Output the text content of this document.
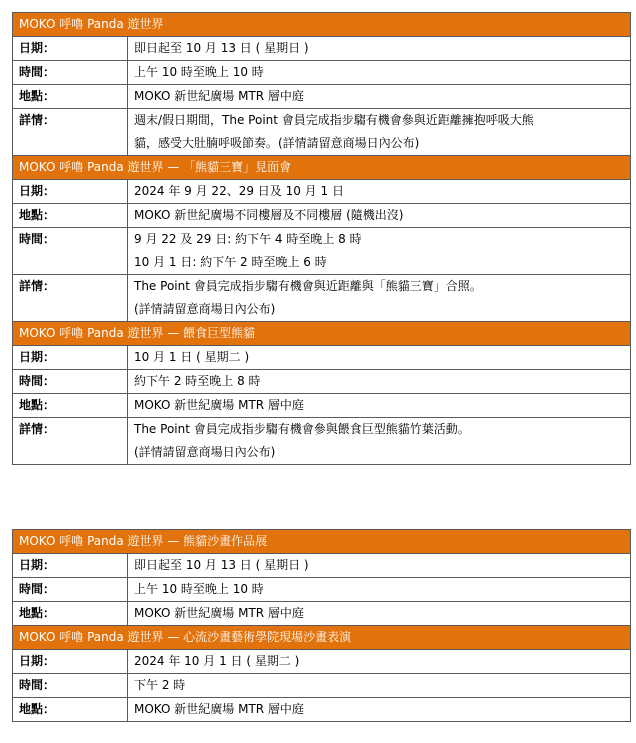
MOKO 呼嚕 Panda 遊世界	
日期：	即日起至 10 月 13 日 ( 星期日 )

時間：	上午 10 時至晚上 10 時

地點：	MOKO 新世紀廣場 MTR 層中庭

詳情：	週末/假日期間，The Point 會員完成指步騶有機會參與近距離擁抱呼吸大熊
貓，感受大肚腩呼吸節奏。(詳情請留意商場日內公布)

MOKO 呼嚕 Panda 遊世界 — 「熊貓三寶」見面會	
日期：	2024 年 9 月 22、29 日及 10 月 1 日

地點：	MOKO 新世紀廣場不同樓層及不同樓層 (隨機出沒)

時間：	9 月 22 及 29 日: 約下午 4 時至晚上 8 時
10 月 1 日: 約下午 2 時至晚上 6 時

詳情：	The Point 會員完成指步騶有機會與近距離與「熊貓三寶」合照。
(詳情請留意商場日內公布)

MOKO 呼嚕 Panda 遊世界 — 餵食巨型熊貓	
日期：	10 月 1 日 ( 星期二 )

時間：	約下午 2 時至晚上 8 時

地點：	MOKO 新世紀廣場 MTR 層中庭

詳情：	The Point 會員完成指步騶有機會參與餵食巨型熊貓竹葉活動。
(詳情請留意商場日內公布)
MOKO 呼嚕 Panda 遊世界 — 熊貓沙畫作品展	
日期：	即日起至 10 月 13 日 ( 星期日 )

時間：	上午 10 時至晚上 10 時

地點：	MOKO 新世紀廣場 MTR 層中庭

MOKO 呼嚕 Panda 遊世界 — 心流沙畫藝術學院現場沙畫表演	
日期：	2024 年 10 月 1 日 ( 星期二 )

時間：	下午 2 時

地點：	MOKO 新世紀廣場 MTR 層中庭
